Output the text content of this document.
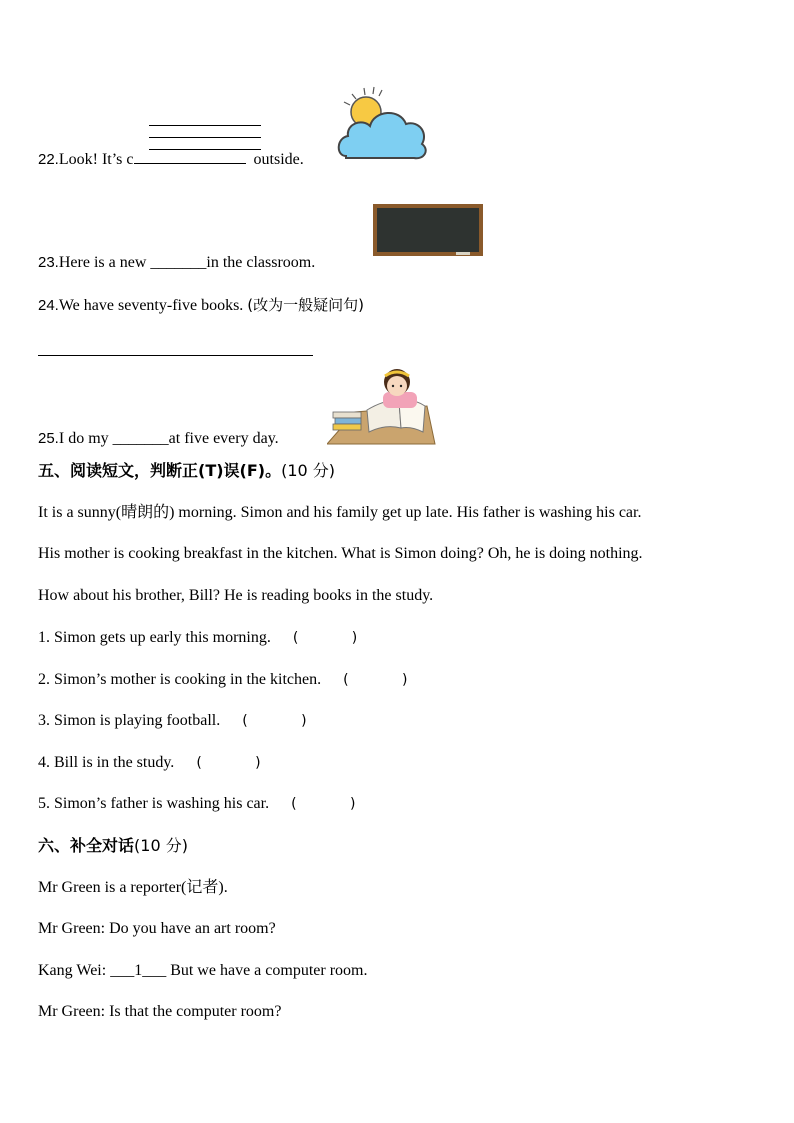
22.Look! It’s c	outside.
23.Here is a new _______in the classroom.
24.We have seventy-five books. (改为一般疑问句)
25.I do my _______at five every day.
五、阅读短文，判断正(T)误(F)。(10 分)
It is a sunny(晴朗的) morning. Simon and his family get up late. His father is washing his car.
His mother is cooking breakfast in the kitchen. What is Simon doing? Oh, he is doing nothing.
How about his brother, Bill? He is reading books in the study.
1. Simon gets up early this morning. (            )
2. Simon’s mother is cooking in the kitchen. (            )
3. Simon is playing football. (            )
4. Bill is in the study. (            )
5. Simon’s father is washing his car. (            )
六、补全对话(10 分)
Mr Green is a reporter(记者).
Mr Green: Do you have an art room?
Kang Wei: ___1___ But we have a computer room.
Mr Green: Is that the computer room?
